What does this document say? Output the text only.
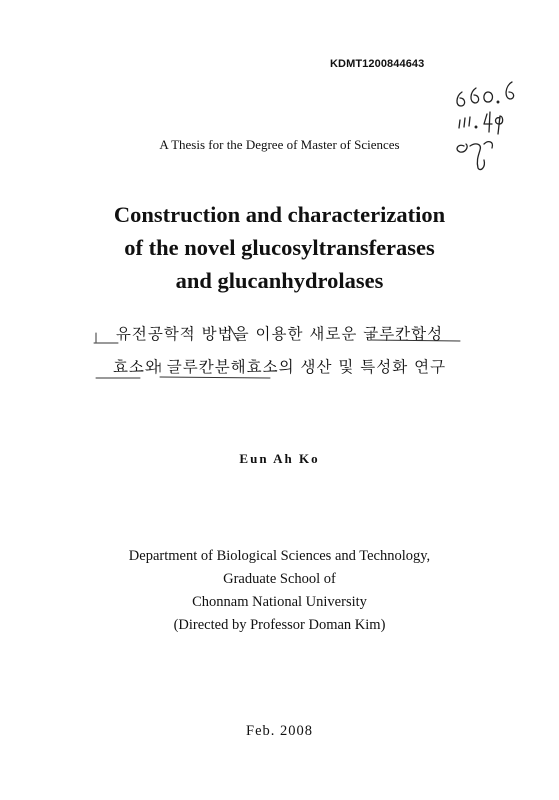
KDMT1200844643
A Thesis for the Degree of Master of Sciences
Construction and characterization
of the novel glucosyltransferases
and glucanhydrolases
유전공학적 방법을 이용한 새로운 글루칸합성
효소와 글루칸분해효소의 생산 및 특성화 연구
Eun Ah Ko
Department of Biological Sciences and Technology,
Graduate School of
Chonnam National University
(Directed by Professor Doman Kim)
Feb. 2008
